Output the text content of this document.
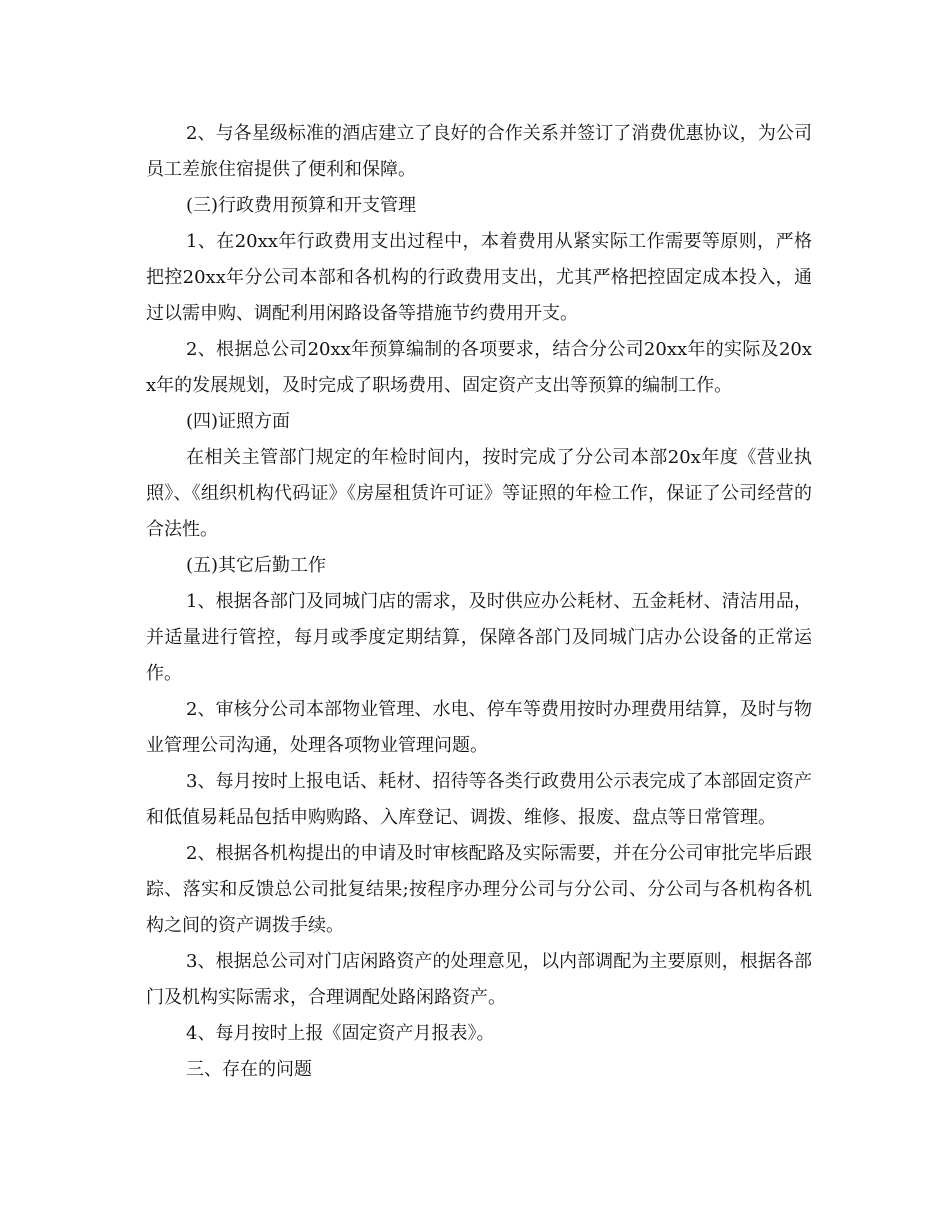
2、与各星级标准的酒店建立了良好的合作关系并签订了消费优惠协议，为公司员工差旅住宿提供了便利和保障。

(三)行政费用预算和开支管理

1、在20xx年行政费用支出过程中，本着费用从紧实际工作需要等原则，严格把控20xx年分公司本部和各机构的行政费用支出，尤其严格把控固定成本投入，通过以需申购、调配利用闲路设备等措施节约费用开支。

2、根据总公司20xx年预算编制的各项要求，结合分公司20xx年的实际及20xx年的发展规划，及时完成了职场费用、固定资产支出等预算的编制工作。

(四)证照方面

在相关主管部门规定的年检时间内，按时完成了分公司本部20x年度《营业执照》、《组织机构代码证》《房屋租赁许可证》等证照的年检工作，保证了公司经营的合法性。

(五)其它后勤工作

1、根据各部门及同城门店的需求，及时供应办公耗材、五金耗材、清洁用品，并适量进行管控，每月或季度定期结算，保障各部门及同城门店办公设备的正常运作。

2、审核分公司本部物业管理、水电、停车等费用按时办理费用结算，及时与物业管理公司沟通，处理各项物业管理问题。

3、每月按时上报电话、耗材、招待等各类行政费用公示表完成了本部固定资产和低值易耗品包括申购购路、入库登记、调拨、维修、报废、盘点等日常管理。

2、根据各机构提出的申请及时审核配路及实际需要，并在分公司审批完毕后跟踪、落实和反馈总公司批复结果;按程序办理分公司与分公司、分公司与各机构各机构之间的资产调拨手续。

3、根据总公司对门店闲路资产的处理意见，以内部调配为主要原则，根据各部门及机构实际需求，合理调配处路闲路资产。

4、每月按时上报《固定资产月报表》。

三、存在的问题
